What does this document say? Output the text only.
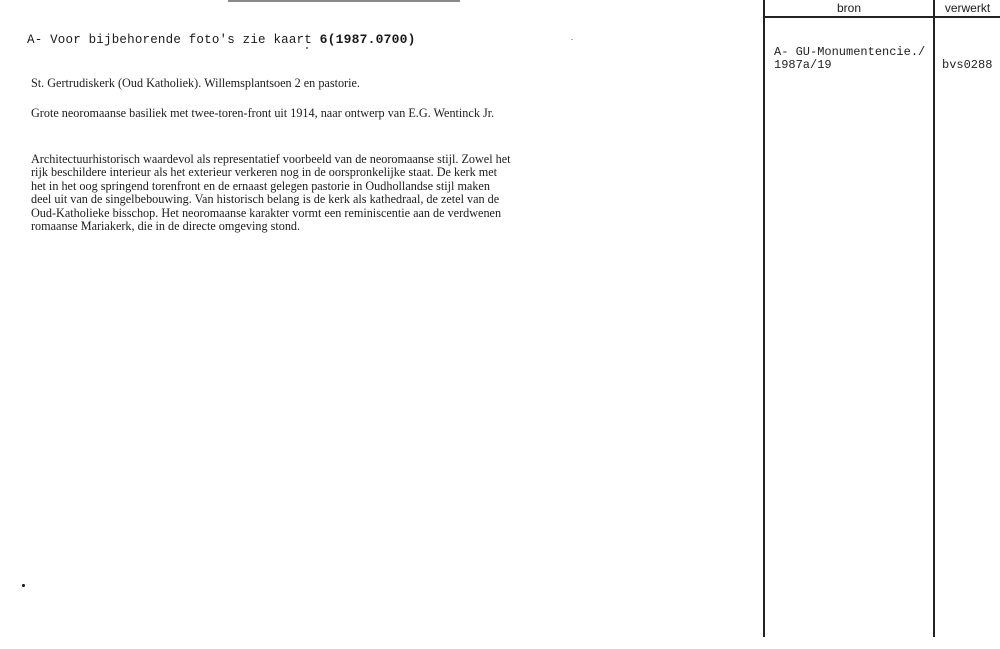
A- Voor bijbehorende foto's zie kaart 6(1987.0700)
St. Gertrudiskerk (Oud Katholiek). Willemsplantsoen 2 en pastorie.
Grote neoromaanse basiliek met twee-toren-front uit 1914, naar ontwerp van E.G. Wentinck Jr.
Architectuurhistorisch waardevol als representatief voorbeeld van de neoromaanse stijl. Zowel het rijk beschildere interieur als het exterieur verkeren nog in de oorspronkelijke staat. De kerk met het in het oog springend torenfront en de ernaast gelegen pastorie in Oudhollandse stijl maken deel uit van de singelbebouwing. Van historisch belang is de kerk als kathedraal, de zetel van de Oud-Katholieke bisschop. Het neoromaanse karakter vormt een reminiscentie aan de verdwenen romaanse Mariakerk, die in de directe omgeving stond.
bron	verwerkt
A- GU-Monumentencie./
1987a/19	bvs0288
